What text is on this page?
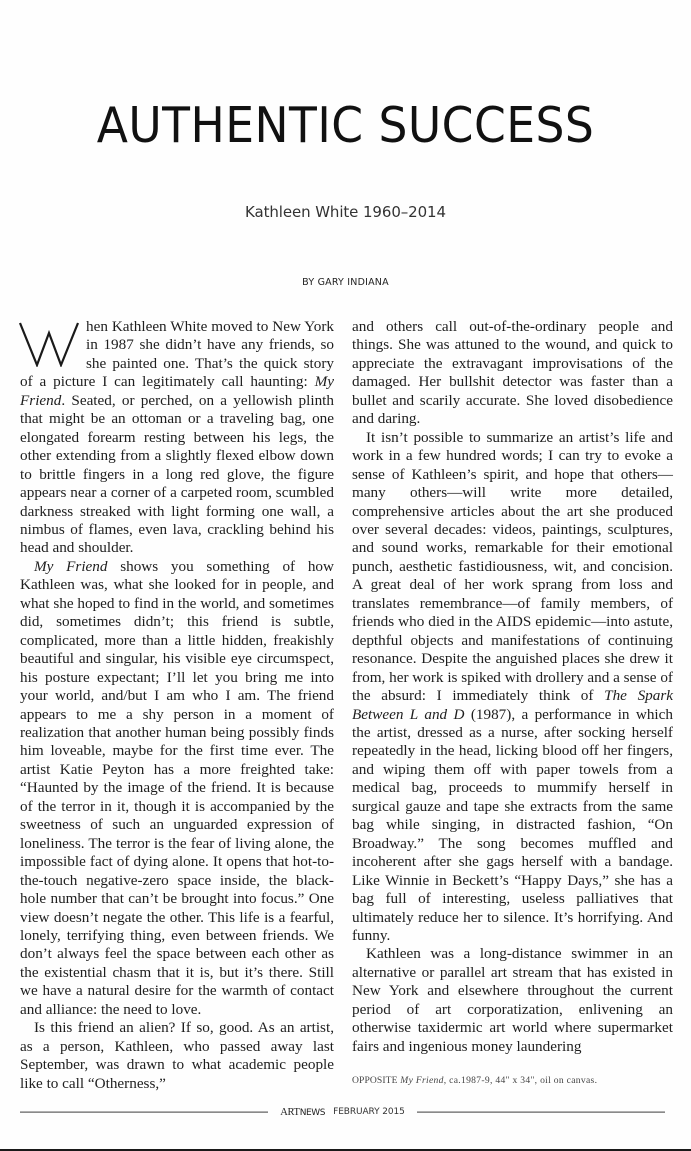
AUTHENTIC SUCCESS
Kathleen White 1960–2014
BY GARY INDIANA

hen Kathleen White moved to New York in 1987 she didn’t have any friends, so she painted one. That’s the quick story of a picture I can legitimately call haunting: My Friend. Seated, or perched, on a yellowish plinth that might be an ottoman or a traveling bag, one elongated forearm resting between his legs, the other extending from a slightly flexed elbow down to brittle fingers in a long red glove, the figure appears near a corner of a carpeted room, scumbled darkness streaked with light forming one wall, a nimbus of flames, even lava, crackling behind his head and shoulder.

My Friend shows you something of how Kathleen was, what she looked for in people, and what she hoped to find in the world, and sometimes did, sometimes didn’t; this friend is subtle, complicated, more than a little hidden, freakishly beautiful and singular, his visible eye circumspect, his posture expectant; I’ll let you bring me into your world, and/but I am who I am. The friend appears to me a shy person in a moment of realization that another human being possibly finds him loveable, maybe for the first time ever. The artist Katie Peyton has a more freighted take: “Haunted by the image of the friend. It is because of the terror in it, though it is accompanied by the sweetness of such an unguarded expression of loneliness. The terror is the fear of living alone, the impossible fact of dying alone. It opens that hot-to-the-touch negative-zero space inside, the black-hole number that can’t be brought into focus.” One view doesn’t negate the other. This life is a fearful, lonely, terrifying thing, even between friends. We don’t always feel the space between each other as the existential chasm that it is, but it’s there. Still we have a natural desire for the warmth of contact and alliance: the need to love.

Is this friend an alien? If so, good. As an artist, as a person, Kathleen, who passed away last September, was drawn to what academic people like to call “Otherness,”

and others call out-of-the-ordinary people and things. She was attuned to the wound, and quick to appreciate the extravagant improvisations of the damaged. Her bullshit detector was faster than a bullet and scarily accurate. She loved disobedience and daring.

It isn’t possible to summarize an artist’s life and work in a few hundred words; I can try to evoke a sense of Kathleen’s spirit, and hope that others—many others—will write more detailed, comprehensive articles about the art she produced over several decades: videos, paintings, sculptures, and sound works, remarkable for their emotional punch, aesthetic fastidiousness, wit, and concision. A great deal of her work sprang from loss and translates remembrance—of family members, of friends who died in the AIDS epidemic—into astute, depthful objects and manifestations of continuing resonance. Despite the anguished places she drew it from, her work is spiked with drollery and a sense of the absurd: I immediately think of The Spark Between L and D (1987), a performance in which the artist, dressed as a nurse, after socking herself repeatedly in the head, licking blood off her fingers, and wiping them off with paper towels from a medical bag, proceeds to mummify herself in surgical gauze and tape she extracts from the same bag while singing, in distracted fashion, “On Broadway.” The song becomes muffled and incoherent after she gags herself with a bandage. Like Winnie in Beckett’s “Happy Days,” she has a bag full of interesting, useless palliatives that ultimately reduce her to silence. It’s horrifying. And funny.

Kathleen was a long-distance swimmer in an alternative or parallel art stream that has existed in New York and elsewhere throughout the current period of art corporatization, enlivening an otherwise taxidermic art world where supermarket fairs and ingenious money laundering

OPPOSITE My Friend, ca.1987-9, 44" x 34", oil on canvas.
ARTNEWS FEBRUARY 2015
